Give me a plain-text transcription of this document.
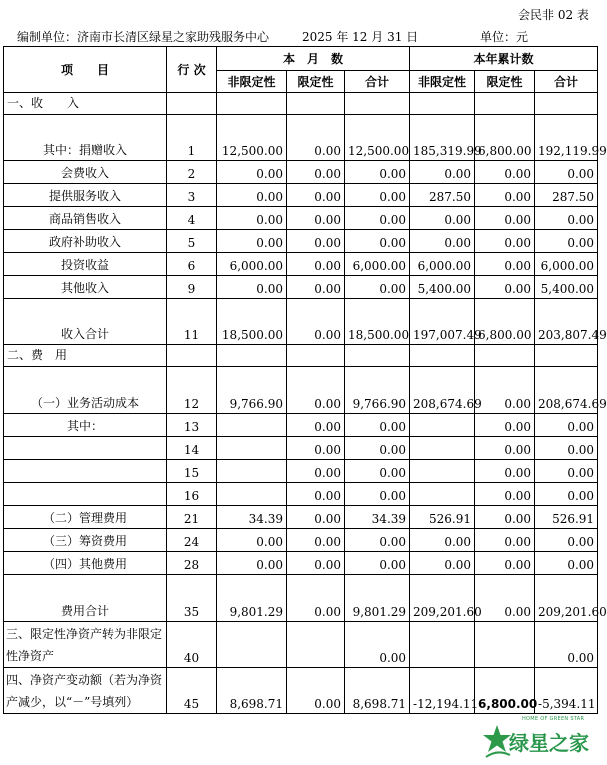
会民非 02 表
编制单位：济南市长清区绿星之家助残服务中心	2025 年 12 月 31 日	单位：元
项　　目	行 次	本　月　数			本年累计数		
		非限定性	限定性	合计	非限定性	限定性	合计
一、收　　入							
其中：捐赠收入	1	12,500.00	0.00	12,500.00	185,319.99	6,800.00	192,119.99
会费收入	2	0.00	0.00	0.00	0.00	0.00	0.00
提供服务收入	3	0.00	0.00	0.00	287.50	0.00	287.50
商品销售收入	4	0.00	0.00	0.00	0.00	0.00	0.00
政府补助收入	5	0.00	0.00	0.00	0.00	0.00	0.00
投资收益	6	6,000.00	0.00	6,000.00	6,000.00	0.00	6,000.00
其他收入	9	0.00	0.00	0.00	5,400.00	0.00	5,400.00
收入合计	11	18,500.00	0.00	18,500.00	197,007.49	6,800.00	203,807.49
二、费　用							
（一）业务活动成本	12	9,766.90	0.00	9,766.90	208,674.69	0.00	208,674.69
其中：	13		0.00	0.00		0.00	0.00
	14		0.00	0.00		0.00	0.00
	15		0.00	0.00		0.00	0.00
	16		0.00	0.00		0.00	0.00
（二）管理费用	21	34.39	0.00	34.39	526.91	0.00	526.91
（三）筹资费用	24	0.00	0.00	0.00	0.00	0.00	0.00
（四）其他费用	28	0.00	0.00	0.00	0.00	0.00	0.00
费用合计	35	9,801.29	0.00	9,801.29	209,201.60	0.00	209,201.60
三、限定性净资产转为非限定性净资产	40			0.00			0.00
四、净资产变动额（若为净资产减少，以“－”号填列）	45	8,698.71	0.00	8,698.71	-12,194.11	6,800.00	-5,394.11
绿星之家
HOME OF GREEN STAR
